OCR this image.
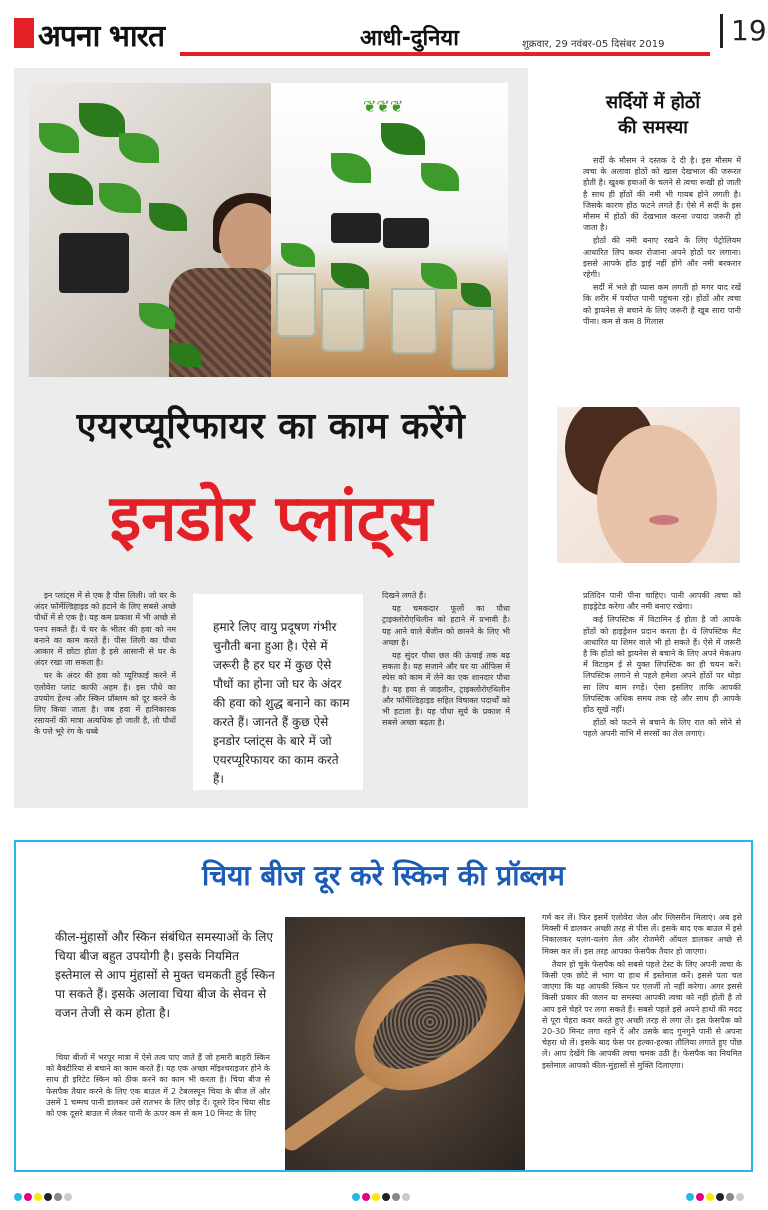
अपना भारत	आधी-दुनिया	शुक्रवार, 29 नवंबर-05 दिसंबर 2019	19
❦❦❦
एयरप्यूरिफायर का काम करेंगे
इनडोर प्लांट्स

इन प्लांट्स में से एक है पीस लिली। जो घर के अंदर फॉर्मेल्डिहाइड को हटाने के लिए सबसे अच्छे पौधों में से एक है। यह कम प्रकाश में भी अच्छे से पनप सकते हैं। ये घर के भीतर की हवा को नम बनाने का काम करते हैं। पीस लिली का पौधा आकार में छोटा होता है इसे आसानी से घर के अंदर रखा जा सकता है।

घर के अंदर की हवा को प्यूरिफाई करने में एलोवेरा प्लांट काफी अहम है। इस पौधे का उपयोग हेल्थ और स्किन प्रॉब्लम को दूर करने के लिए किया जाता है। जब हवा में हानिकारक रसायनों की मात्रा अत्यधिक हो जाती है, तो पौधों के पत्ते भूरे रंग के धब्बे

हमारे लिए वायु प्रदूषण गंभीर चुनौती बना हुआ है। ऐसे में जरूरी है हर घर में कुछ ऐसे पौधों का होना जो घर के अंदर की हवा को शुद्ध बनाने का काम करते हैं। जानते हैं कुछ ऐसे इनडोर प्लांट्स के बारे में जो एयरप्यूरिफायर का काम करते हैं।

दिखने लगते हैं।

यह चमकदार फूलों का पौधा ट्राइक्लोरोएथिलीन को हटाने में प्रभावी है। यह आने वाले बेंजीन को छानने के लिए भी अच्छा है।

यह सुंदर पौधा छत की ऊंचाई तक बढ़ सकता है। यह सजाने और घर या ऑफिस में स्पेस को काम में लेने का एक शानदार पौधा है। यह हवा से जाइलीन, ट्राइक्लोरोएथिलीन और फॉर्मेल्डिहाइड सहित विषाक्त पदार्थों को भी हटाता है। यह पौधा सूर्य के प्रकाश में सबसे अच्छा बढ़ता है।

सर्दियों में होठों
की समस्या

सर्दी के मौसम ने दस्तक दे दी है। इस मौसम में त्वचा के अलावा होठों को खास देखभाल की जरूरत होती है। खुश्क हवाओं के चलने से त्वचा रूखी हो जाती है साथ ही होंठों की नमी भी गायब होने लगती है। जिसके कारण होंठ फटने लगते हैं। ऐसे में सर्दी के इस मौसम में होठों की देखभाल करना ज्यादा जरूरी हो जाता है।

होठों की नमी बनाए रखने के लिए पेट्रोलियम आधारित लिप कवर रोजाना अपने होठों पर लगाना। इससे आपके होंठ ड्राई नहीं होंगे और नमी बरकरार रहेगी।

सर्दी में भले ही प्यास कम लगती हो मगर याद रखें कि शरीर में पर्याप्त पानी पहुंचना रहे। होंठों और त्वचा को ड्रायनेस से बचाने के लिए जरूरी है खूब सारा पानी पीना। कम से कम 8 गिलास

प्रतिदिन पानी पीना चाहिए। पानी आपकी त्वचा को हाइड्रेटेड करेगा और नमी बनाए रखेगा।

कई लिपस्टिक में विटामिन ई होता है जो आपके होंठों को हाइड्रेशन प्रदान करता है। ये लिपस्टिक मैट आधारित या शिमर वाले भी हो सकते हैं। ऐसे में जरूरी है कि होंठो को ड्रायनेस से बचाने के लिए अपने मेकअप में विटाइम ई से युक्त लिपस्टिक का ही चयन करें। लिपस्टिक लगाने से पहले हमेशा अपने होंठों पर थोड़ा सा लिप बाम रगड़ें। ऐसा इसलिए ताकि आपकी लिपस्टिक अधिक समय तक रहे और साथ ही आपके होंठ सूखें नहीं।

होंठों को फटने से बचाने के लिए रात को सोने से पहले अपनी नाभि में सरसों का तेल लगाएं।

चिया बीज दूर करे स्किन की प्रॉब्लम
कील-मुंहासों और स्किन संबंधित समस्याओं के लिए चिया बीज बहुत उपयोगी है। इसके नियमित इस्तेमाल से आप मुंहासों से मुक्त चमकती हुई स्किन पा सकते हैं। इसके अलावा चिया बीज के सेवन से वजन तेजी से कम होता है।

चिया बीजों में भरपूर मात्रा में ऐसे तत्व पाए जाते हैं जो हमारी बाहरी स्किन को बैक्टीरिया से बचाने का काम करते हैं। यह एक अच्छा मॉइश्चराइजर होने के साथ ही इरिटेट स्किन को ठीक करने का काम भी करता है। चिया बीज से फेसपैक तैयार करने के लिए एक बाउल में 2 टेबलस्पून चिया के बीज लें और उसमें 1 चम्मच पानी डालकर उसे रातभर के लिए छोड़ दें। दूसरे दिन चिया सीड को एक दूसरे बाउल में लेकर पानी के ऊपर कम से कम 10 मिनट के लिए

गर्म कर लें। फिर इसमें एलोवेरा जेल और ग्लिसरीन मिलाएं। अब इसे मिक्सी में डालकर अच्छी तरह से पीस लें। इसके बाद एक बाउल में इसे निकालकर यलंग-यलंग तेल और रोजमेरी ऑयल डालकर अच्छे से मिक्स कर लें। इस तरह आपका फेसपैक तैयार हो जाएगा।

तैयार हो चुके फेसपैक को सबसे पहले टेस्ट के लिए अपनी त्वचा के किसी एक छोटे से भाग या हाथ में इस्तेमाल करें। इससे पता चल जाएगा कि यह आपकी स्किन पर एलर्जी तो नहीं करेगा। अगर इससे किसी प्रकार की जलन या समस्या आपकी त्वचा को नहीं होती है तो आप इसे चेहरे पर लगा सकते हैं। सबसे पहले इसे अपने हाथों की मदद से पूरा चेहरा कवर करते हुए अच्छी तरह से लगा लें। इस फेसपैक को 20-30 मिनट लगा रहने दें और उसके बाद गुनगुने पानी से अपना चेहरा धो लें। इसके बाद फेस पर हल्का-हल्का तौलिया लगाते हुए पोंछ लें। आप देखेंगे कि आपकी त्वचा चमक उठी है। फेसपैक का नियमित इस्तेमाल आपको कील-मुंहासों से मुक्ति दिलाएगा।
